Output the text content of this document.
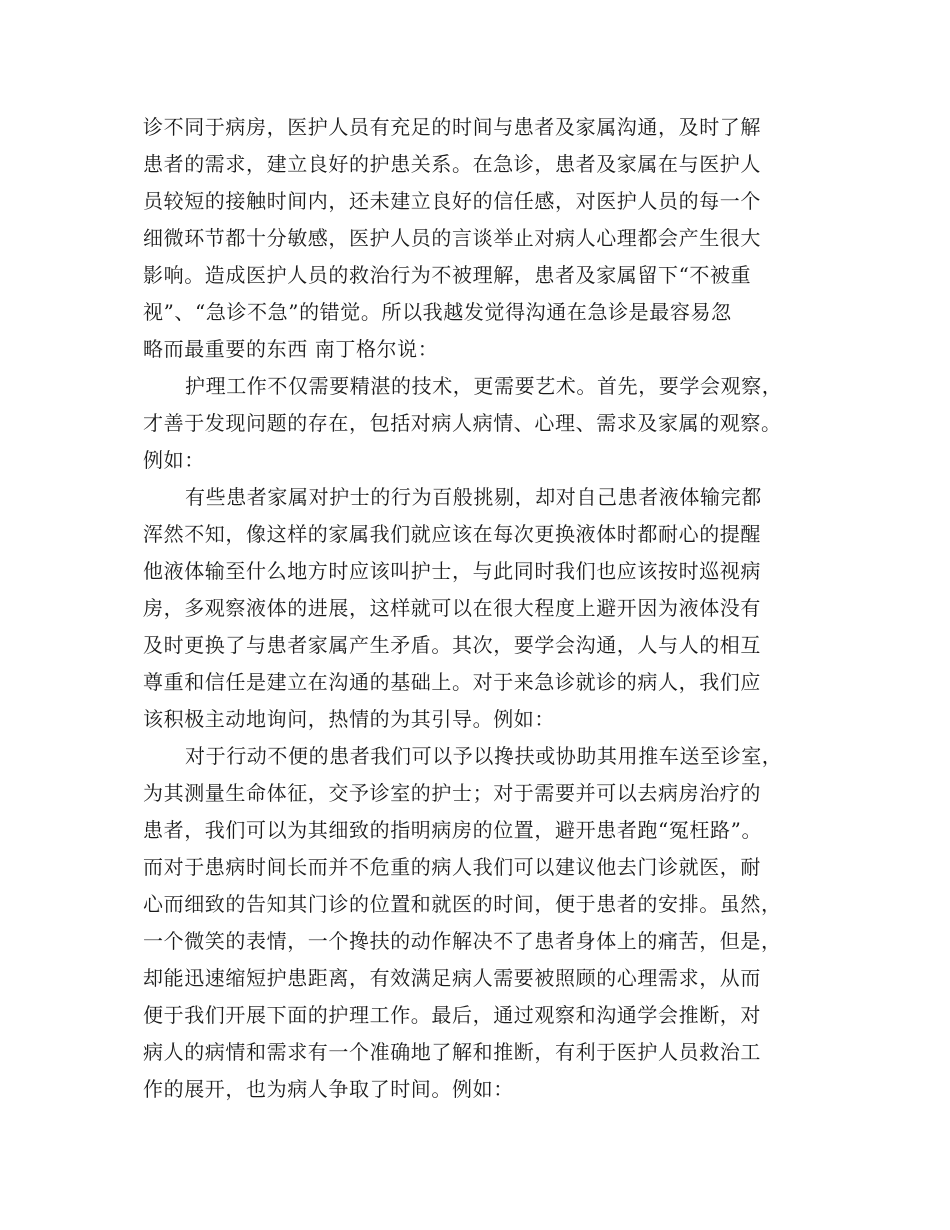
诊不同于病房，医护人员有充足的时间与患者及家属沟通，及时了解
患者的需求，建立良好的护患关系。在急诊，患者及家属在与医护人
员较短的接触时间内，还未建立良好的信任感，对医护人员的每一个
细微环节都十分敏感，医护人员的言谈举止对病人心理都会产生很大
影响。造成医护人员的救治行为不被理解，患者及家属留下“不被重
视”、“急诊不急”的错觉。所以我越发觉得沟通在急诊是最容易忽
略而最重要的东西 南丁格尔说：
护理工作不仅需要精湛的技术，更需要艺术。首先，要学会观察，
才善于发现问题的存在，包括对病人病情、心理、需求及家属的观察。
例如：
有些患者家属对护士的行为百般挑剔，却对自己患者液体输完都
浑然不知，像这样的家属我们就应该在每次更换液体时都耐心的提醒
他液体输至什么地方时应该叫护士，与此同时我们也应该按时巡视病
房，多观察液体的进展，这样就可以在很大程度上避开因为液体没有
及时更换了与患者家属产生矛盾。其次，要学会沟通，人与人的相互
尊重和信任是建立在沟通的基础上。对于来急诊就诊的病人，我们应
该积极主动地询问，热情的为其引导。例如：
对于行动不便的患者我们可以予以搀扶或协助其用推车送至诊室，
为其测量生命体征，交予诊室的护士；对于需要并可以去病房治疗的
患者，我们可以为其细致的指明病房的位置，避开患者跑“冤枉路”。
而对于患病时间长而并不危重的病人我们可以建议他去门诊就医，耐
心而细致的告知其门诊的位置和就医的时间，便于患者的安排。虽然，
一个微笑的表情，一个搀扶的动作解决不了患者身体上的痛苦，但是，
却能迅速缩短护患距离，有效满足病人需要被照顾的心理需求，从而
便于我们开展下面的护理工作。最后，通过观察和沟通学会推断，对
病人的病情和需求有一个准确地了解和推断，有利于医护人员救治工
作的展开，也为病人争取了时间。例如：
